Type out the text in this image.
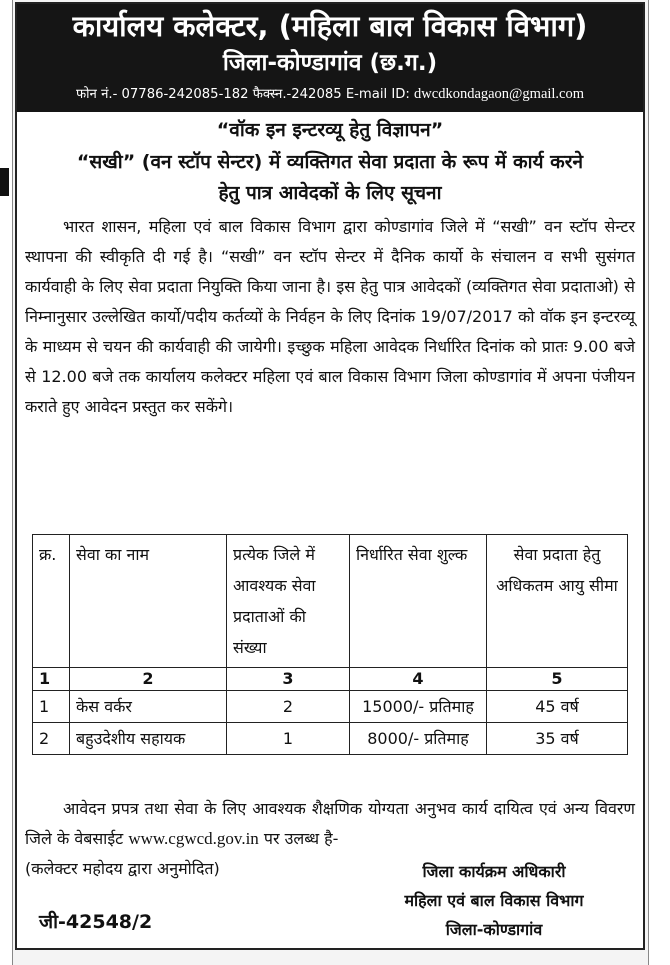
कार्यालय कलेक्टर, (महिला बाल विकास विभाग)
जिला-कोण्डागांव (छ.ग.)
फोन नं.- 07786-242085-182 फैक्स्न.-242085 E-mail ID: dwcdkondagaon@gmail.com
“वॉक इन इन्टरव्यू हेतु विज्ञापन”
“सखी” (वन स्टॉप सेन्टर) में व्यक्तिगत सेवा प्रदाता के रूप में कार्य करने
हेतु पात्र आवेदकों के लिए सूचना
भारत शासन, महिला एवं बाल विकास विभाग द्वारा कोण्डागांव जिले में “सखी” वन स्टॉप सेन्टर स्थापना की स्वीकृति दी गई है। “सखी” वन स्टॉप सेन्टर में दैनिक कार्यो के संचालन व सभी सुसंगत कार्यवाही के लिए सेवा प्रदाता नियुक्ति किया जाना है। इस हेतु पात्र आवेदकों (व्यक्तिगत सेवा प्रदाताओ) से निम्नानुसार उल्लेखित कार्यो/पदीय कर्तव्यों के निर्वहन के लिए दिनांक 19/07/2017 को वॉक इन इन्टरव्यू के माध्यम से चयन की कार्यवाही की जायेगी। इच्छुक महिला आवेदक निर्धारित दिनांक को प्रातः 9.00 बजे से 12.00 बजे तक कार्यालय कलेक्टर महिला एवं बाल विकास विभाग जिला कोण्डागांव में अपना पंजीयन कराते हुए आवेदन प्रस्तुत कर सकेंगे।
क्र.	सेवा का नाम	प्रत्येक जिले में आवश्यक सेवा प्रदाताओं की संख्या	निर्धारित सेवा शुल्क	सेवा प्रदाता हेतु अधिकतम आयु सीमा
1	2	3	4	5
1	केस वर्कर	2	15000/- प्रतिमाह	45 वर्ष
2	बहुउदेशीय सहायक	1	8000/- प्रतिमाह	35 वर्ष
आवेदन प्रपत्र तथा सेवा के लिए आवश्यक शैक्षणिक योग्यता अनुभव कार्य दायित्व एवं अन्य विवरण जिले के वेबसाईट www.cgwcd.gov.in पर उलब्ध है-
(कलेक्टर महोदय द्वारा अनुमोदित)
जी-42548/2
जिला कार्यक्रम अधिकारी
महिला एवं बाल विकास विभाग
जिला-कोण्डागांव
